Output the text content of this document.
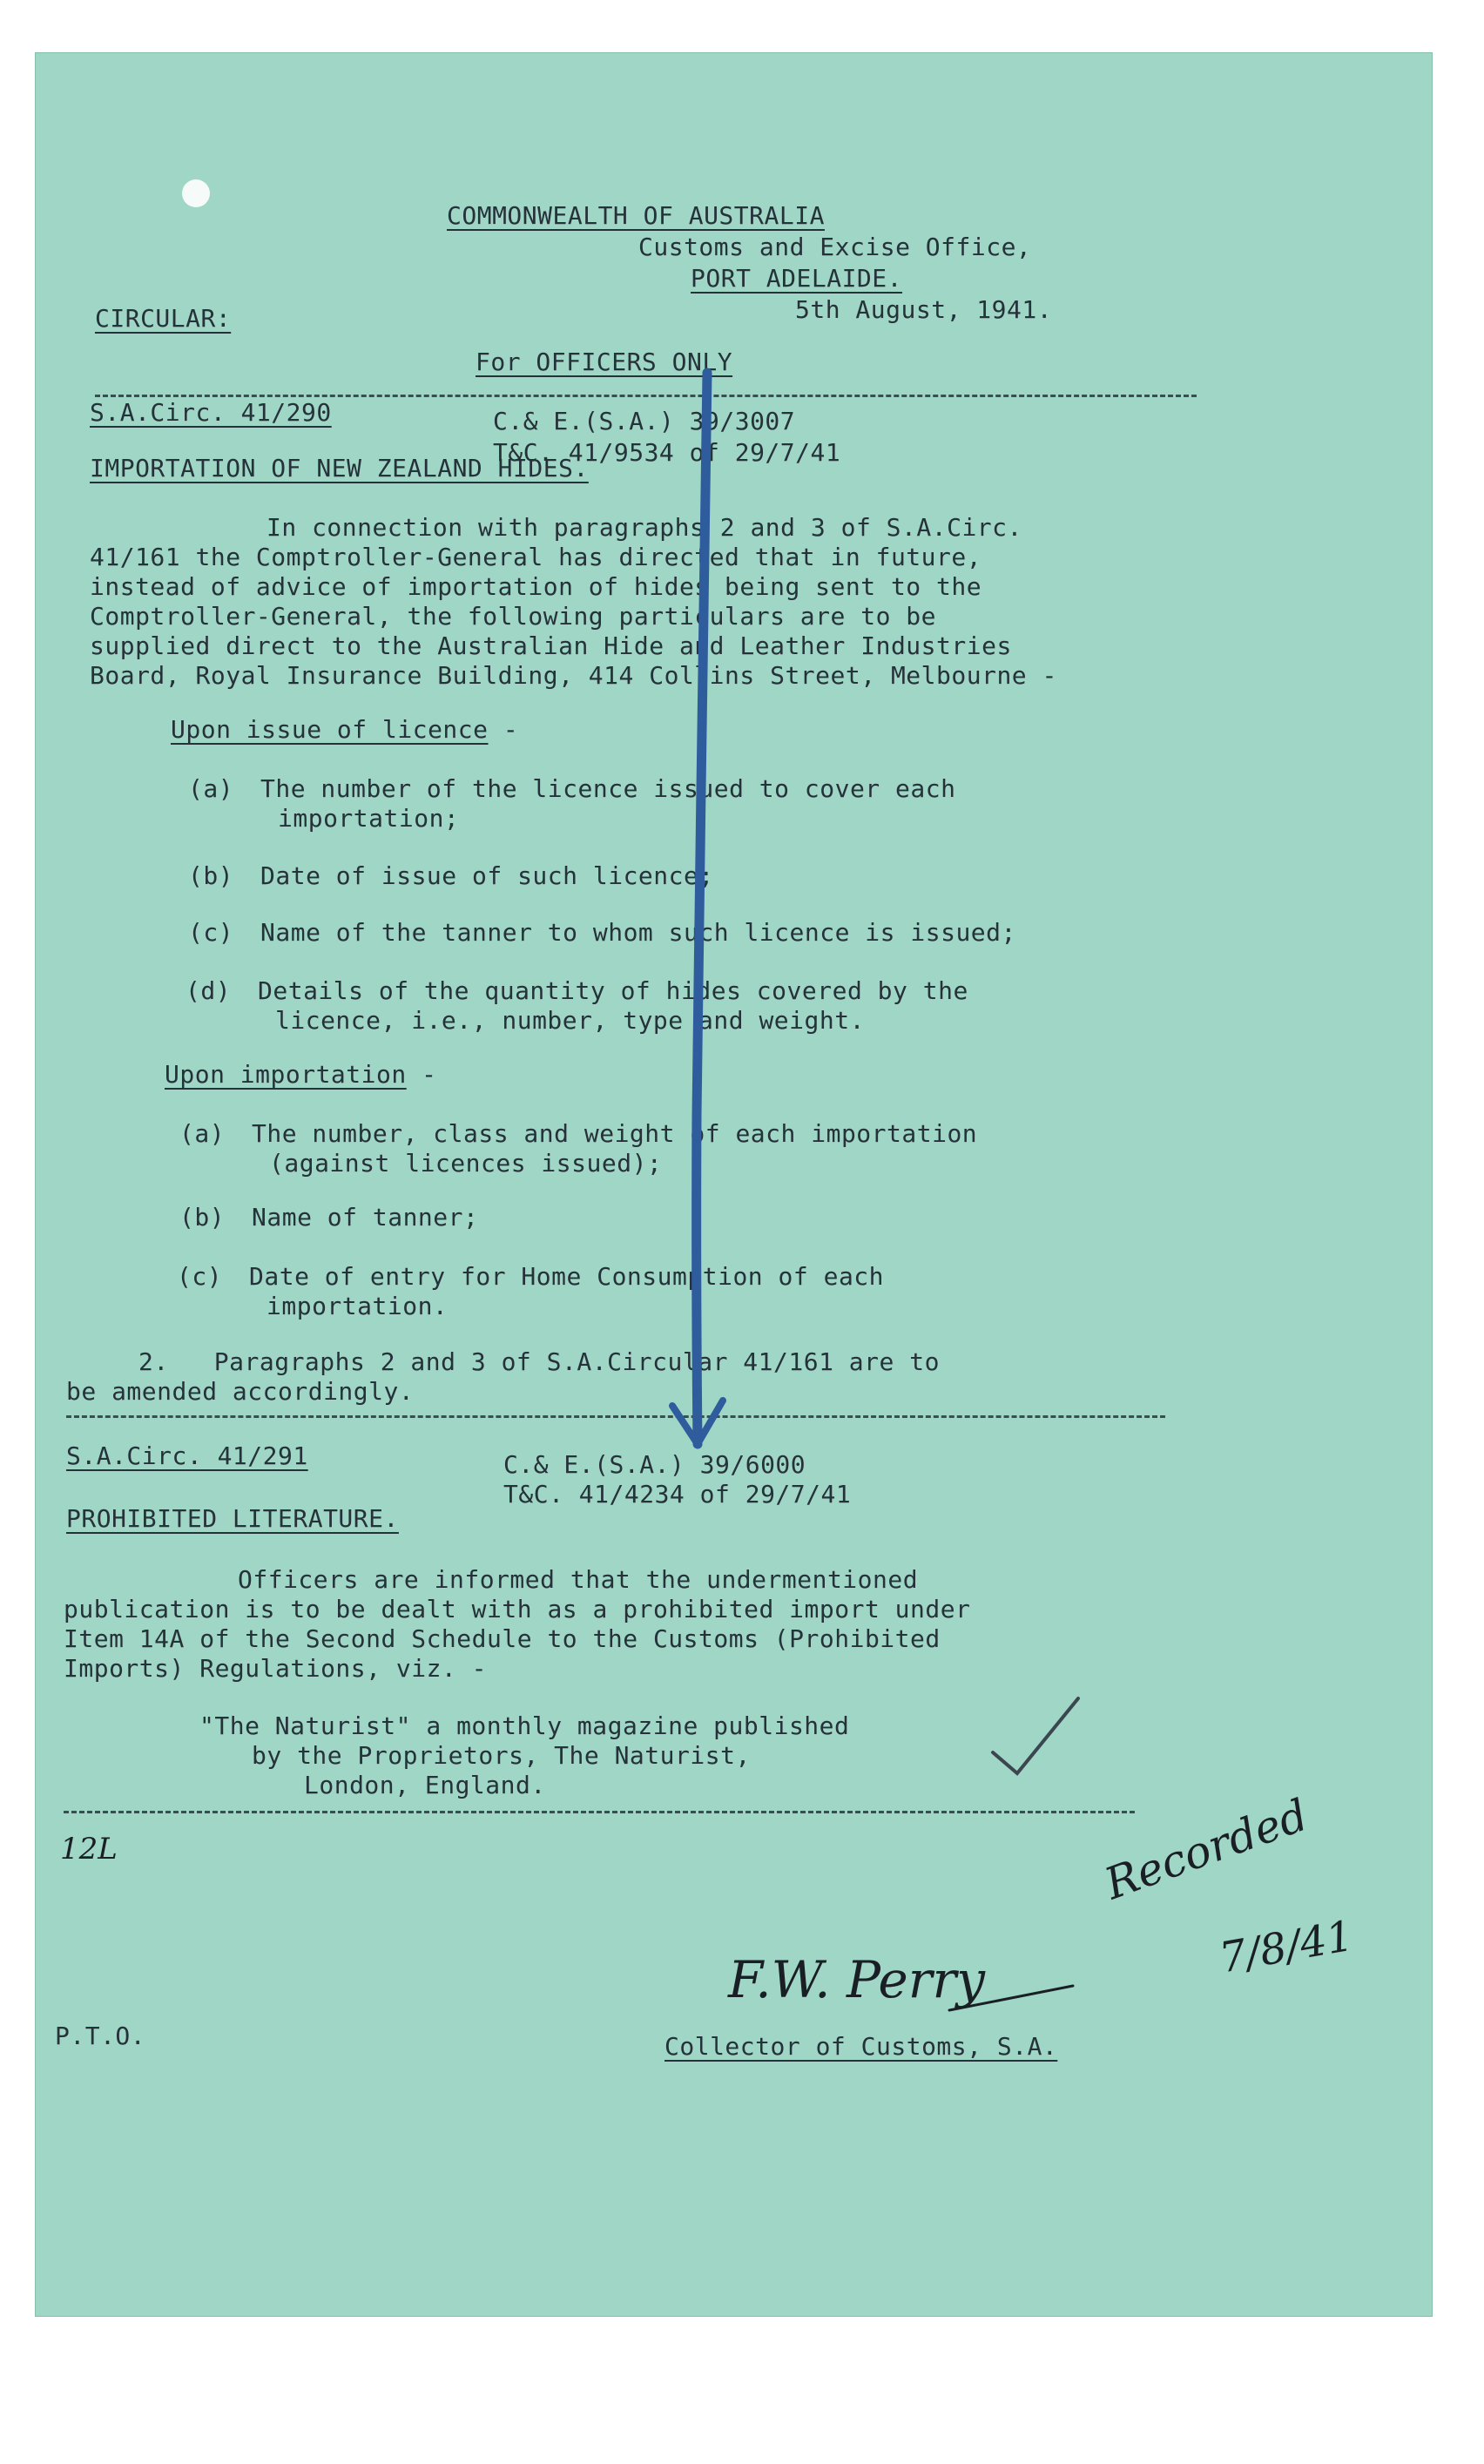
COMMONWEALTH OF AUSTRALIA
Customs and Excise Office,
PORT ADELAIDE.
5th August, 1941.
CIRCULAR:
For OFFICERS ONLY
S.A.Circ. 41/290	C.& E.(S.A.) 39/3007
T&C. 41/9534 of 29/7/41
IMPORTATION OF NEW ZEALAND HIDES.
In connection with paragraphs 2 and 3 of S.A.Circ.
41/161 the Comptroller-General has directed that in future,
instead of advice of importation of hides being sent to the
Comptroller-General, the following particulars are to be
supplied direct to the Australian Hide and Leather Industries
Board, Royal Insurance Building, 414 Collins Street, Melbourne -
Upon issue of licence -
(a) The number of the licence issued to cover each
importation;
(b) Date of issue of such licence;
(c) Name of the tanner to whom such licence is issued;
(d) Details of the quantity of hides covered by the
licence, i.e., number, type and weight.
Upon importation -
(a) The number, class and weight of each importation
(against licences issued);
(b) Name of tanner;
(c) Date of entry for Home Consumption of each
importation.
2.   Paragraphs 2 and 3 of S.A.Circular 41/161 are to
be amended accordingly.
S.A.Circ. 41/291	C.& E.(S.A.) 39/6000
T&C. 41/4234 of 29/7/41
PROHIBITED LITERATURE.
Officers are informed that the undermentioned
publication is to be dealt with as a prohibited import under
Item 14A of the Second Schedule to the Customs (Prohibited
Imports) Regulations, viz. -
"The Naturist" a monthly magazine published
by the Proprietors, The Naturist,
London, England.
12L
F.W. Perry
Recorded
7/8/41
P.T.O.	Collector of Customs, S.A.
